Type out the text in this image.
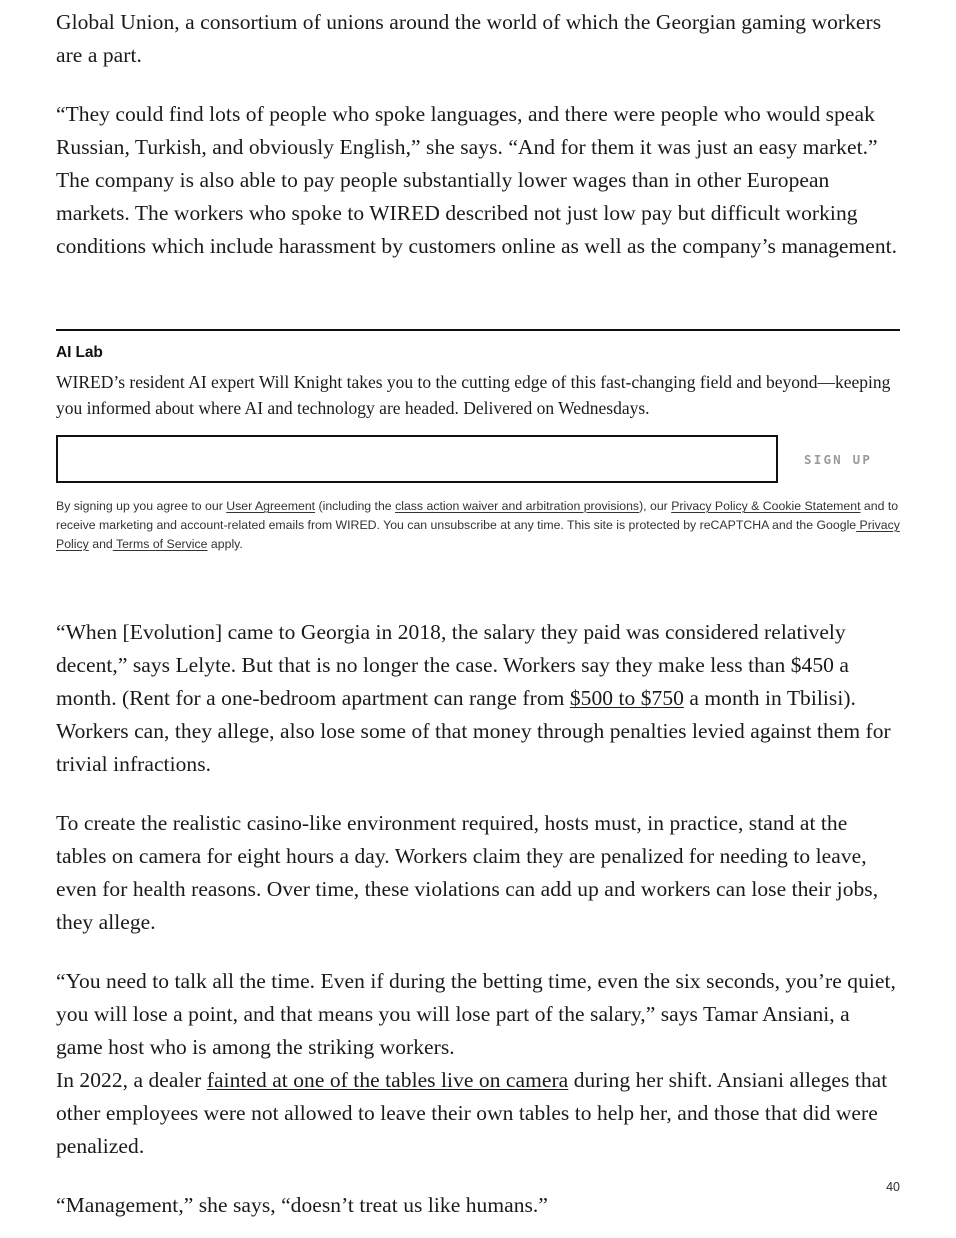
Global Union, a consortium of unions around the world of which the Georgian gaming workers are a part.

“They could find lots of people who spoke languages, and there were people who would speak Russian, Turkish, and obviously English,” she says. “And for them it was just an easy market.” The company is also able to pay people substantially lower wages than in other European markets. The workers who spoke to WIRED described not just low pay but difficult working conditions which include harassment by customers online as well as the company’s management.

AI Lab

WIRED’s resident AI expert Will Knight takes you to the cutting edge of this fast-changing field and beyond—keeping you informed about where AI and technology are headed. Delivered on Wednesdays.

SIGN UP

By signing up you agree to our User Agreement (including the class action waiver and arbitration provisions), our Privacy Policy & Cookie Statement and to receive marketing and account-related emails from WIRED. You can unsubscribe at any time. This site is protected by reCAPTCHA and the Google Privacy Policy and Terms of Service apply.

“When [Evolution] came to Georgia in 2018, the salary they paid was considered relatively decent,” says Lelyte. But that is no longer the case. Workers say they make less than $450 a month. (Rent for a one-bedroom apartment can range from $500 to $750 a month in Tbilisi). Workers can, they allege, also lose some of that money through penalties levied against them for trivial infractions.

To create the realistic casino-like environment required, hosts must, in practice, stand at the tables on camera for eight hours a day. Workers claim they are penalized for needing to leave, even for health reasons. Over time, these violations can add up and workers can lose their jobs, they allege.

“You need to talk all the time. Even if during the betting time, even the six seconds, you’re quiet, you will lose a point, and that means you will lose part of the salary,” says Tamar Ansiani, a game host who is among the striking workers.

In 2022, a dealer fainted at one of the tables live on camera during her shift. Ansiani alleges that other employees were not allowed to leave their own tables to help her, and those that did were penalized.

“Management,” she says, “doesn’t treat us like humans.”

40
